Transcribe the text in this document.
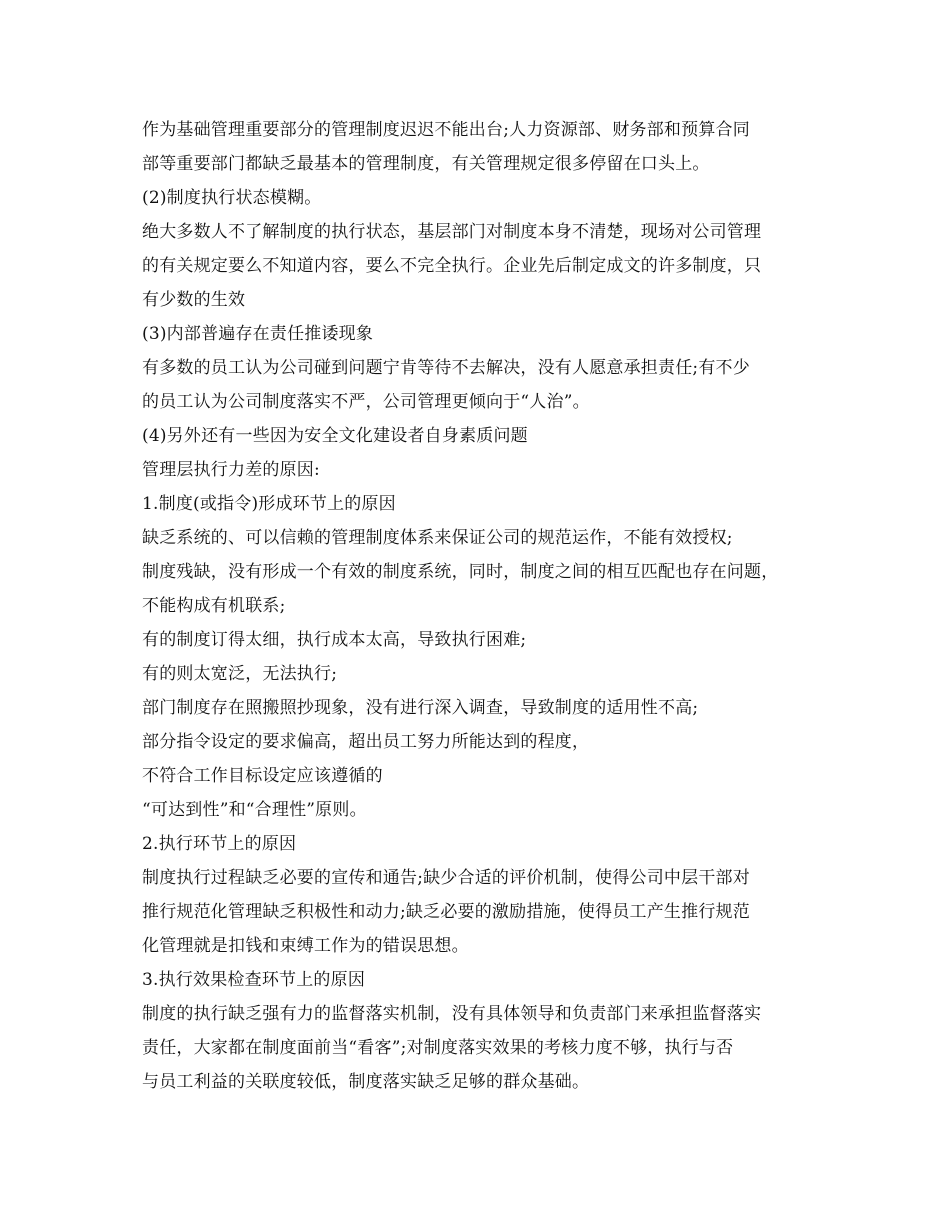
作为基础管理重要部分的管理制度迟迟不能出台;人力资源部、财务部和预算合同
部等重要部门都缺乏最基本的管理制度，有关管理规定很多停留在口头上。
(2)制度执行状态模糊。
绝大多数人不了解制度的执行状态，基层部门对制度本身不清楚，现场对公司管理
的有关规定要么不知道内容，要么不完全执行。企业先后制定成文的许多制度，只
有少数的生效
(3)内部普遍存在责任推诿现象
有多数的员工认为公司碰到问题宁肯等待不去解决，没有人愿意承担责任;有不少
的员工认为公司制度落实不严，公司管理更倾向于“人治”。
(4)另外还有一些因为安全文化建设者自身素质问题
管理层执行力差的原因:
1.制度(或指令)形成环节上的原因
缺乏系统的、可以信赖的管理制度体系来保证公司的规范运作，不能有效授权;
制度残缺，没有形成一个有效的制度系统，同时，制度之间的相互匹配也存在问题，
不能构成有机联系;
有的制度订得太细，执行成本太高，导致执行困难;
有的则太宽泛，无法执行;
部门制度存在照搬照抄现象，没有进行深入调查，导致制度的适用性不高;
部分指令设定的要求偏高，超出员工努力所能达到的程度，
不符合工作目标设定应该遵循的
“可达到性”和“合理性”原则。
2.执行环节上的原因
制度执行过程缺乏必要的宣传和通告;缺少合适的评价机制，使得公司中层干部对
推行规范化管理缺乏积极性和动力;缺乏必要的激励措施，使得员工产生推行规范
化管理就是扣钱和束缚工作为的错误思想。
3.执行效果检查环节上的原因
制度的执行缺乏强有力的监督落实机制，没有具体领导和负责部门来承担监督落实
责任，大家都在制度面前当“看客”;对制度落实效果的考核力度不够，执行与否
与员工利益的关联度较低，制度落实缺乏足够的群众基础。
